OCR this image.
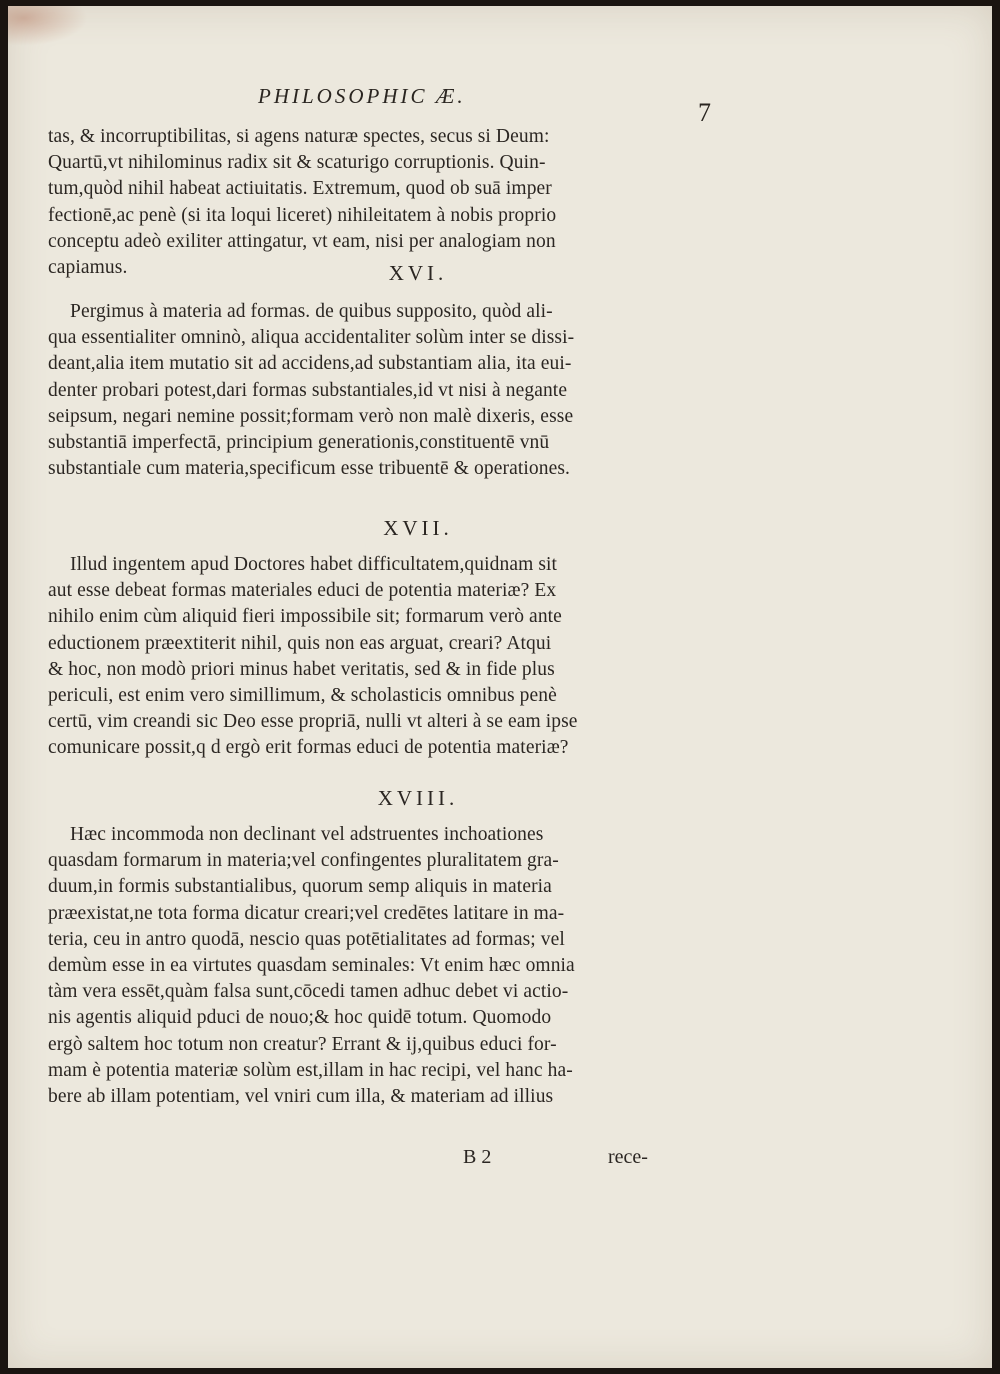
PHILOSOPHIC Æ.
7
tas, & incorruptibilitas, si agens naturæ spectes, secus si Deum:
Quartū,vt nihilominus radix sit & scaturigo corruptionis. Quin-
tum,quòd nihil habeat actiuitatis. Extremum, quod ob suā imper
fectionē,ac penè (si ita loqui liceret) nihileitatem à nobis proprio
conceptu adeò exiliter attingatur, vt eam, nisi per analogiam non
capiamus.	XVI.
Pergimus à materia ad formas. de quibus supposito, quòd ali-
qua essentialiter omninò, aliqua accidentaliter solùm inter se dissi-
deant,alia item mutatio sit ad accidens,ad substantiam alia, ita eui-
denter probari potest,dari formas substantiales,id vt nisi à negante
seipsum, negari nemine possit;formam verò non malè dixeris, esse
substantiā imperfectā, principium generationis,constituentē vnū
substantiale cum materia,specificum esse tribuentē & operationes.
XVII.
Illud ingentem apud Doctores habet difficultatem,quidnam sit
aut esse debeat formas materiales educi de potentia materiæ? Ex
nihilo enim cùm aliquid fieri impossibile sit; formarum verò ante
eductionem præextiterit nihil, quis non eas arguat, creari? Atqui
& hoc, non modò priori minus habet veritatis, sed & in fide plus
periculi, est enim vero simillimum, & scholasticis omnibus penè
certū, vim creandi sic Deo esse propriā, nulli vt alteri à se eam ipse
comunicare possit,q d ergò erit formas educi de potentia materiæ?
XVIII.
Hæc incommoda non declinant vel adstruentes inchoationes
quasdam formarum in materia;vel confingentes pluralitatem gra-
duum,in formis substantialibus, quorum semp aliquis in materia
præexistat,ne tota forma dicatur creari;vel credētes latitare in ma-
teria, ceu in antro quodā, nescio quas potētialitates ad formas; vel
demùm esse in ea virtutes quasdam seminales: Vt enim hæc omnia
tàm vera essēt,quàm falsa sunt,cōcedi tamen adhuc debet vi actio-
nis agentis aliquid pduci de nouo;& hoc quidē totum. Quomodo
ergò saltem hoc totum non creatur? Errant & ij,quibus educi for-
mam è potentia materiæ solùm est,illam in hac recipi, vel hanc ha-
bere ab illam potentiam, vel vniri cum illa, & materiam ad illius
B 2	rece-
